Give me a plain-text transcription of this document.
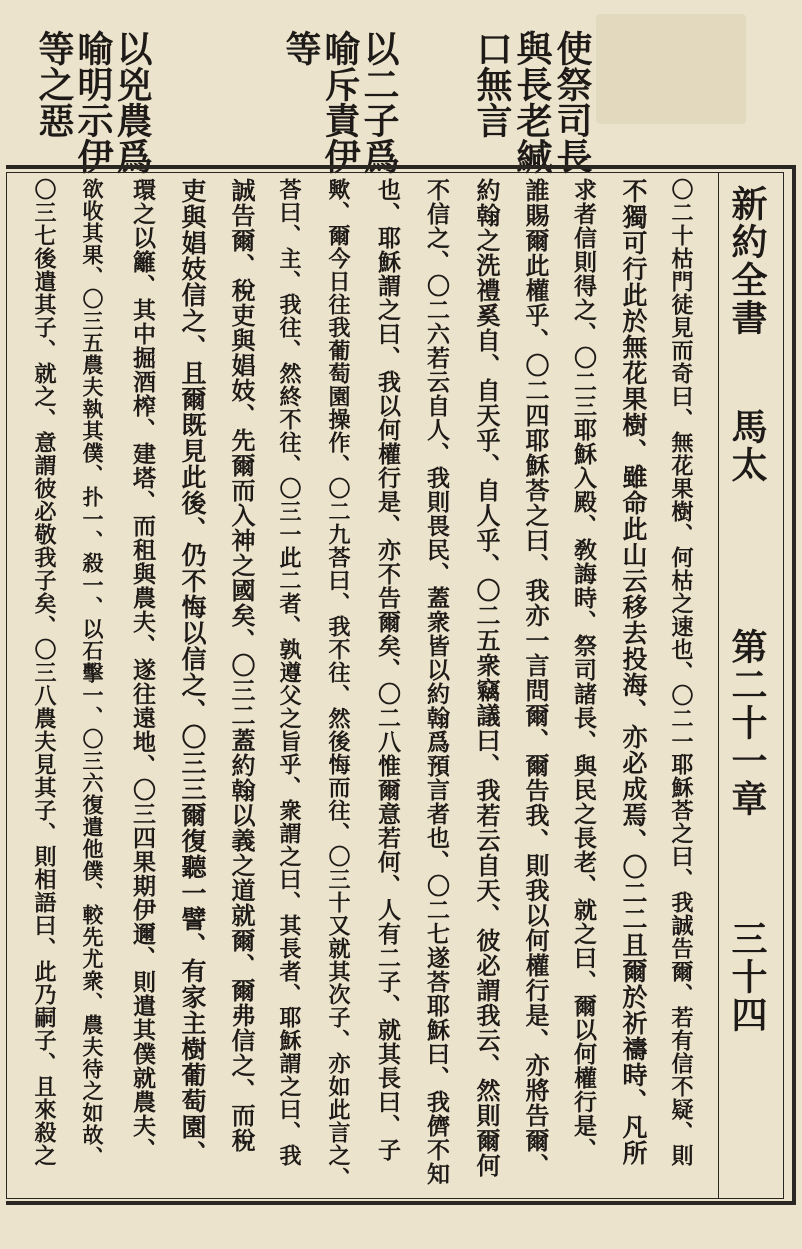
使祭司長
與長老緘
口無言
以二子爲
喻斥責伊
等
以兇農爲
喻明示伊
等之惡
新約全書
馬太
第二十一章
三十四
〇二十枯門徒見而奇曰、無花果樹、何枯之速也、〇二一耶穌荅之曰、我誠告爾、若有信不疑、則
不獨可行此於無花果樹、雖命此山云移去投海、亦必成焉、〇二二且爾於祈禱時、凡所
求者信則得之、〇二三耶穌入殿、敎誨時、祭司諸長、與民之長老、就之曰、爾以何權行是、
誰賜爾此權乎、〇二四耶穌荅之曰、我亦一言問爾、爾告我、則我以何權行是、亦將告爾、
約翰之洗禮奚自、自天乎、自人乎、〇二五衆竊議曰、我若云自天、彼必謂我云、然則爾何
不信之、〇二六若云自人、我則畏民、蓋衆皆以約翰爲預言者也、〇二七遂荅耶穌曰、我儕不知
也、耶穌謂之曰、我以何權行是、亦不告爾矣、〇二八惟爾意若何、人有二子、就其長曰、子
歟、爾今日往我葡萄園操作、〇二九荅曰、我不往、然後悔而往、〇三十又就其次子、亦如此言之、
荅曰、主、我往、然終不往、〇三一此二者、孰遵父之旨乎、衆謂之曰、其長者、耶穌謂之曰、我
誠告爾、稅吏與娼妓、先爾而入神之國矣、〇三二蓋約翰以義之道就爾、爾弗信之、而稅
吏與娼妓信之、且爾既見此後、仍不悔以信之、〇三三爾復聽一譬、有家主樹葡萄園、
環之以籬、其中掘酒榨、建塔、而租與農夫、遂往遠地、〇三四果期伊邇、則遣其僕就農夫、
欲收其果、〇三五農夫執其僕、扑一、殺一、以石擊一、〇三六復遣他僕、較先尤衆、農夫待之如故、
〇三七後遣其子、就之、意謂彼必敬我子矣、〇三八農夫見其子、則相語曰、此乃嗣子、且來殺之
